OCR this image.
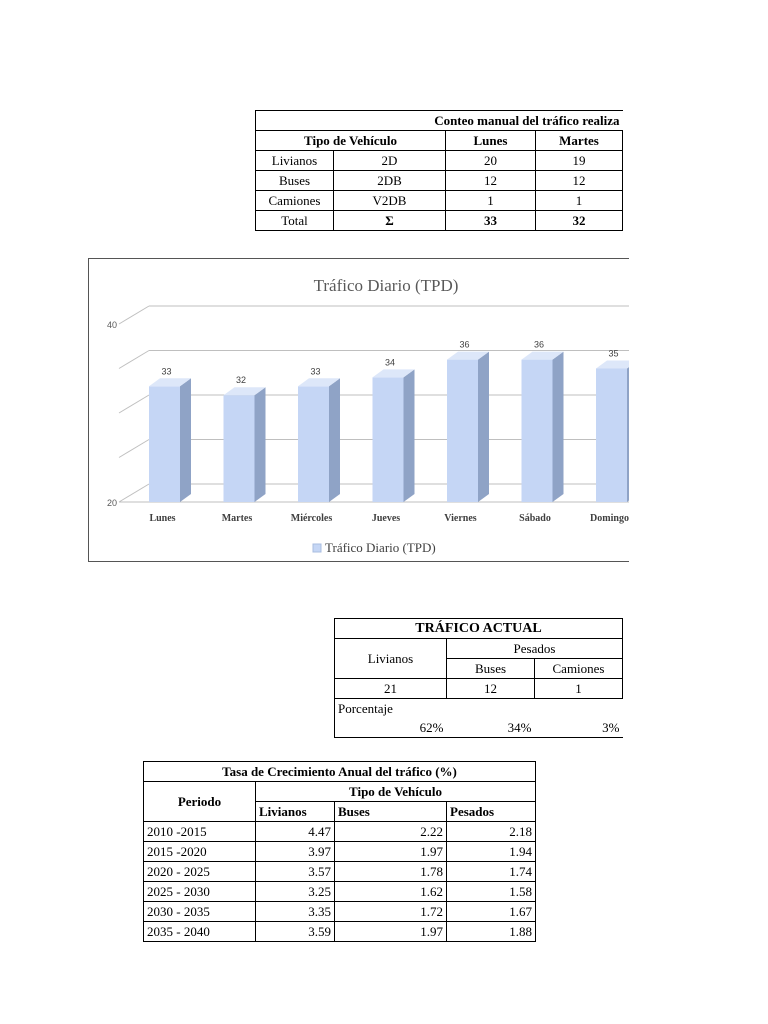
Conteo manual del tráfico realiza			
Tipo de Vehículo		Lunes	Martes
Livianos	2D	20	19
Buses	2DB	12	12
Camiones	V2DB	1	1
Total	Σ	33	32
Tráfico Diario (TPD)
20
40
33
32
33
34
36	36
35
Lunes	Martes	Miércoles	Jueves	Viernes	Sábado	Domingo
Tráfico Diario (TPD)
TRÁFICO ACTUAL		
Livianos	Pesados	
	Buses	Camiones
21	12	1
Porcentaje		
62%	34%	3%
Tasa de Crecimiento Anual del tráfico (%)			
Periodo	Tipo de Vehículo		
	Livianos	Buses	Pesados
2010 -2015	4.47	2.22	2.18
2015 -2020	3.97	1.97	1.94
2020 - 2025	3.57	1.78	1.74
2025 - 2030	3.25	1.62	1.58
2030 - 2035	3.35	1.72	1.67
2035 - 2040	3.59	1.97	1.88
